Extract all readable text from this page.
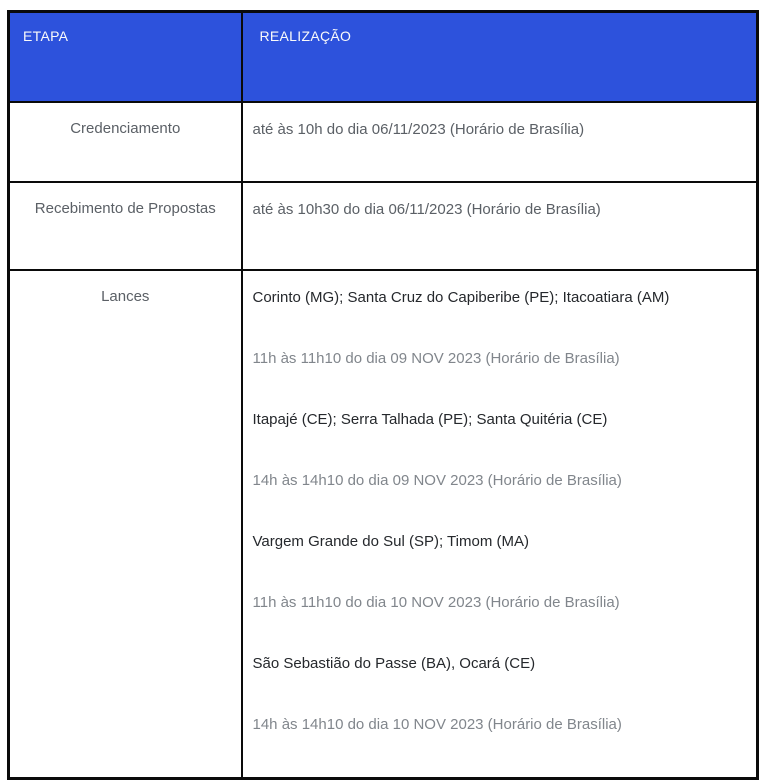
ETAPA	REALIZAÇÃO
Credenciamento	até às 10h do dia 06/11/2023 (Horário de Brasília)

Recebimento de Propostas	até às 10h30 do dia 06/11/2023 (Horário de Brasília)

Lances	Corinto (MG); Santa Cruz do Capiberibe (PE); Itacoatiara (AM)

11h às 11h10 do dia 09 NOV 2023 (Horário de Brasília)

Itapajé (CE); Serra Talhada (PE); Santa Quitéria (CE)

14h às 14h10 do dia 09 NOV 2023 (Horário de Brasília)

Vargem Grande do Sul (SP); Timom (MA)

11h às 11h10 do dia 10 NOV 2023 (Horário de Brasília)

São Sebastião do Passe (BA), Ocará (CE)

14h às 14h10 do dia 10 NOV 2023 (Horário de Brasília)
